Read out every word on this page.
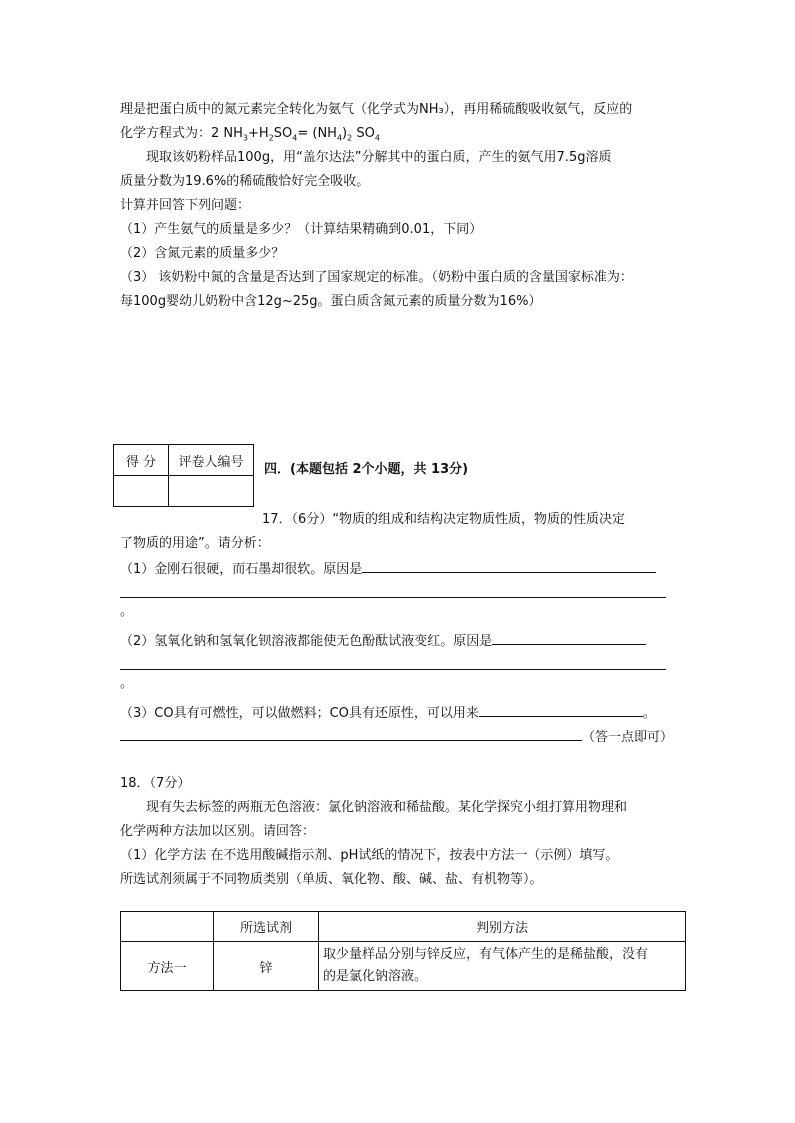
理是把蛋白质中的氮元素完全转化为氨气（化学式为NH₃），再用稀硫酸吸收氨气，反应的
化学方程式为：2 $NH_3+H_2SO_4= (NH_4)_2$ $SO_4$
现取该奶粉样品100g，用“盖尔达法”分解其中的蛋白质，产生的氨气用7.5g溶质
质量分数为19.6%的稀硫酸恰好完全吸收。
计算并回答下列问题：
（1）产生氨气的质量是多少？（计算结果精确到0.01，下同）
（2）含氮元素的质量多少？
（3） 该奶粉中氮的含量是否达到了国家规定的标准。（奶粉中蛋白质的含量国家标准为：
每100g婴幼儿奶粉中含12g~25g。蛋白质含氮元素的质量分数为16%）
得 分	评卷人编号
	四．(本题包括 2个小题，共 13分)
17．（6分）“物质的组成和结构决定物质性质，物质的性质决定
了物质的用途”。请分析：
（1）金刚石很硬，而石墨却很软。原因是
。
（2）氢氧化钠和氢氧化钡溶液都能使无色酚酞试液变红。原因是
。
（3）CO具有可燃性，可以做燃料；CO具有还原性，可以用来	。
（答一点即可）
18．（7分）
现有失去标签的两瓶无色溶液：氯化钠溶液和稀盐酸。某化学探究小组打算用物理和
化学两种方法加以区别。请回答：
（1）化学方法 在不选用酸碱指示剂、pH试纸的情况下，按表中方法一（示例）填写。
所选试剂须属于不同物质类别（单质、氧化物、酸、碱、盐、有机物等）。
	所选试剂	判别方法
方法一	锌	取少量样品分别与锌反应，有气体产生的是稀盐酸，没有
的是氯化钠溶液。
